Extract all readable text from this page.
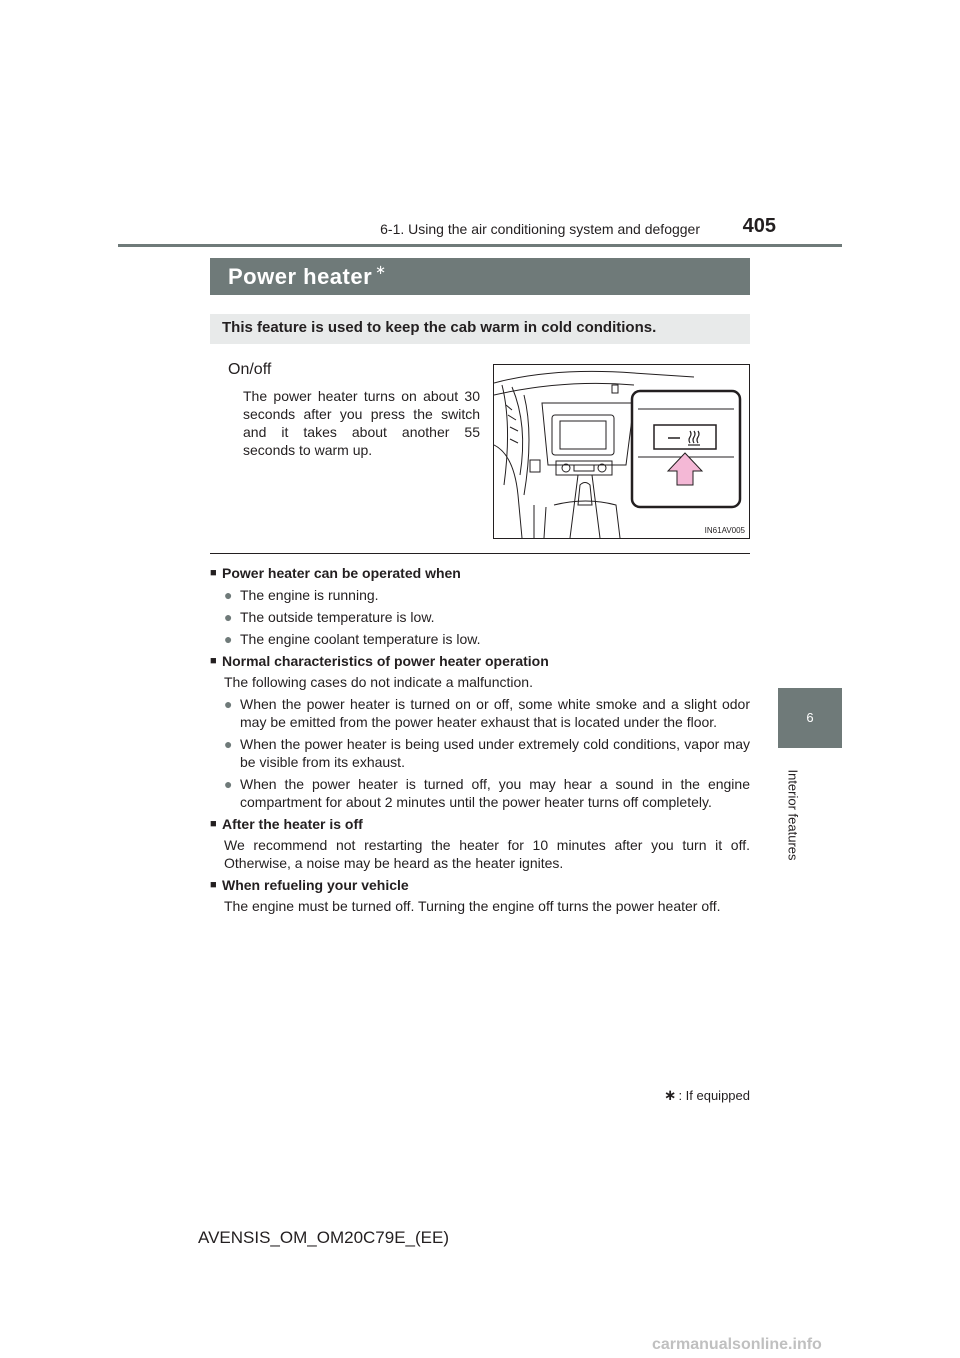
6-1. Using the air conditioning system and defogger	405
6
Interior features
Power heater ∗
This feature is used to keep the cab warm in cold conditions.
On/off
The power heater turns on about 30 seconds after you press the switch and it takes about another 55 seconds to warm up.
IN61AV005
■ Power heater can be operated when
● The engine is running.
● The outside temperature is low.
● The engine coolant temperature is low.
■ Normal characteristics of power heater operation
The following cases do not indicate a malfunction.
● When the power heater is turned on or off, some white smoke and a slight odor may be emitted from the power heater exhaust that is located under the floor.
● When the power heater is being used under extremely cold conditions, vapor may be visible from its exhaust.
● When the power heater is turned off, you may hear a sound in the engine compartment for about 2 minutes until the power heater turns off completely.
■ After the heater is off
We recommend not restarting the heater for 10 minutes after you turn it off. Otherwise, a noise may be heard as the heater ignites.
■ When refueling your vehicle
The engine must be turned off. Turning the engine off turns the power heater off.
∗ : If equipped
AVENSIS_OM_OM20C79E_(EE)
carmanualsonline.info
